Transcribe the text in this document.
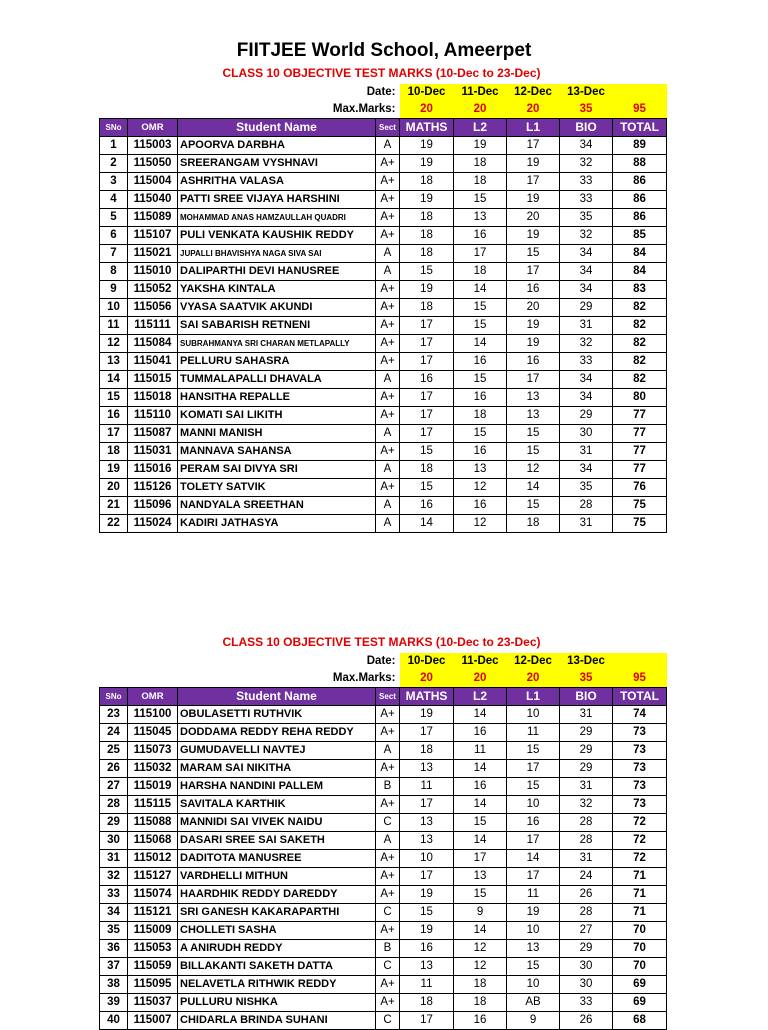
FIITJEE World School, Ameerpet
CLASS 10 OBJECTIVE TEST MARKS (10-Dec to 23-Dec)
Date:				10-Dec	11-Dec	12-Dec	13-Dec	
Max.Marks:				20	20	20	35	95
SNo	OMR	Student Name	Sect	MATHS	L2	L1	BIO	TOTAL
1	115003	APOORVA DARBHA	A	19	19	17	34	89
2	115050	SREERANGAM VYSHNAVI	A+	19	18	19	32	88
3	115004	ASHRITHA VALASA	A+	18	18	17	33	86
4	115040	PATTI SREE VIJAYA HARSHINI	A+	19	15	19	33	86
5	115089	MOHAMMAD ANAS HAMZAULLAH QUADRI	A+	18	13	20	35	86
6	115107	PULI VENKATA KAUSHIK REDDY	A+	18	16	19	32	85
7	115021	JUPALLI BHAVISHYA NAGA SIVA SAI	A	18	17	15	34	84
8	115010	DALIPARTHI DEVI HANUSREE	A	15	18	17	34	84
9	115052	YAKSHA KINTALA	A+	19	14	16	34	83
10	115056	VYASA SAATVIK AKUNDI	A+	18	15	20	29	82
11	115111	SAI SABARISH RETNENI	A+	17	15	19	31	82
12	115084	SUBRAHMANYA SRI CHARAN METLAPALLY	A+	17	14	19	32	82
13	115041	PELLURU SAHASRA	A+	17	16	16	33	82
14	115015	TUMMALAPALLI DHAVALA	A	16	15	17	34	82
15	115018	HANSITHA REPALLE	A+	17	16	13	34	80
16	115110	KOMATI SAI LIKITH	A+	17	18	13	29	77
17	115087	MANNI MANISH	A	17	15	15	30	77
18	115031	MANNAVA SAHANSA	A+	15	16	15	31	77
19	115016	PERAM SAI DIVYA SRI	A	18	13	12	34	77
20	115126	TOLETY SATVIK	A+	15	12	14	35	76
21	115096	NANDYALA SREETHAN	A	16	16	15	28	75
22	115024	KADIRI JATHASYA	A	14	12	18	31	75
CLASS 10 OBJECTIVE TEST MARKS (10-Dec to 23-Dec)
Date:				10-Dec	11-Dec	12-Dec	13-Dec	
Max.Marks:				20	20	20	35	95
SNo	OMR	Student Name	Sect	MATHS	L2	L1	BIO	TOTAL
23	115100	OBULASETTI RUTHVIK	A+	19	14	10	31	74
24	115045	DODDAMA REDDY REHA REDDY	A+	17	16	11	29	73
25	115073	GUMUDAVELLI NAVTEJ	A	18	11	15	29	73
26	115032	MARAM SAI NIKITHA	A+	13	14	17	29	73
27	115019	HARSHA NANDINI PALLEM	B	11	16	15	31	73
28	115115	SAVITALA KARTHIK	A+	17	14	10	32	73
29	115088	MANNIDI SAI VIVEK NAIDU	C	13	15	16	28	72
30	115068	DASARI SREE SAI SAKETH	A	13	14	17	28	72
31	115012	DADITOTA MANUSREE	A+	10	17	14	31	72
32	115127	VARDHELLI MITHUN	A+	17	13	17	24	71
33	115074	HAARDHIK REDDY DAREDDY	A+	19	15	11	26	71
34	115121	SRI GANESH KAKARAPARTHI	C	15	9	19	28	71
35	115009	CHOLLETI SASHA	A+	19	14	10	27	70
36	115053	A ANIRUDH REDDY	B	16	12	13	29	70
37	115059	BILLAKANTI SAKETH DATTA	C	13	12	15	30	70
38	115095	NELAVETLA RITHWIK REDDY	A+	11	18	10	30	69
39	115037	PULLURU NISHKA	A+	18	18	AB	33	69
40	115007	CHIDARLA BRINDA SUHANI	C	17	16	9	26	68
